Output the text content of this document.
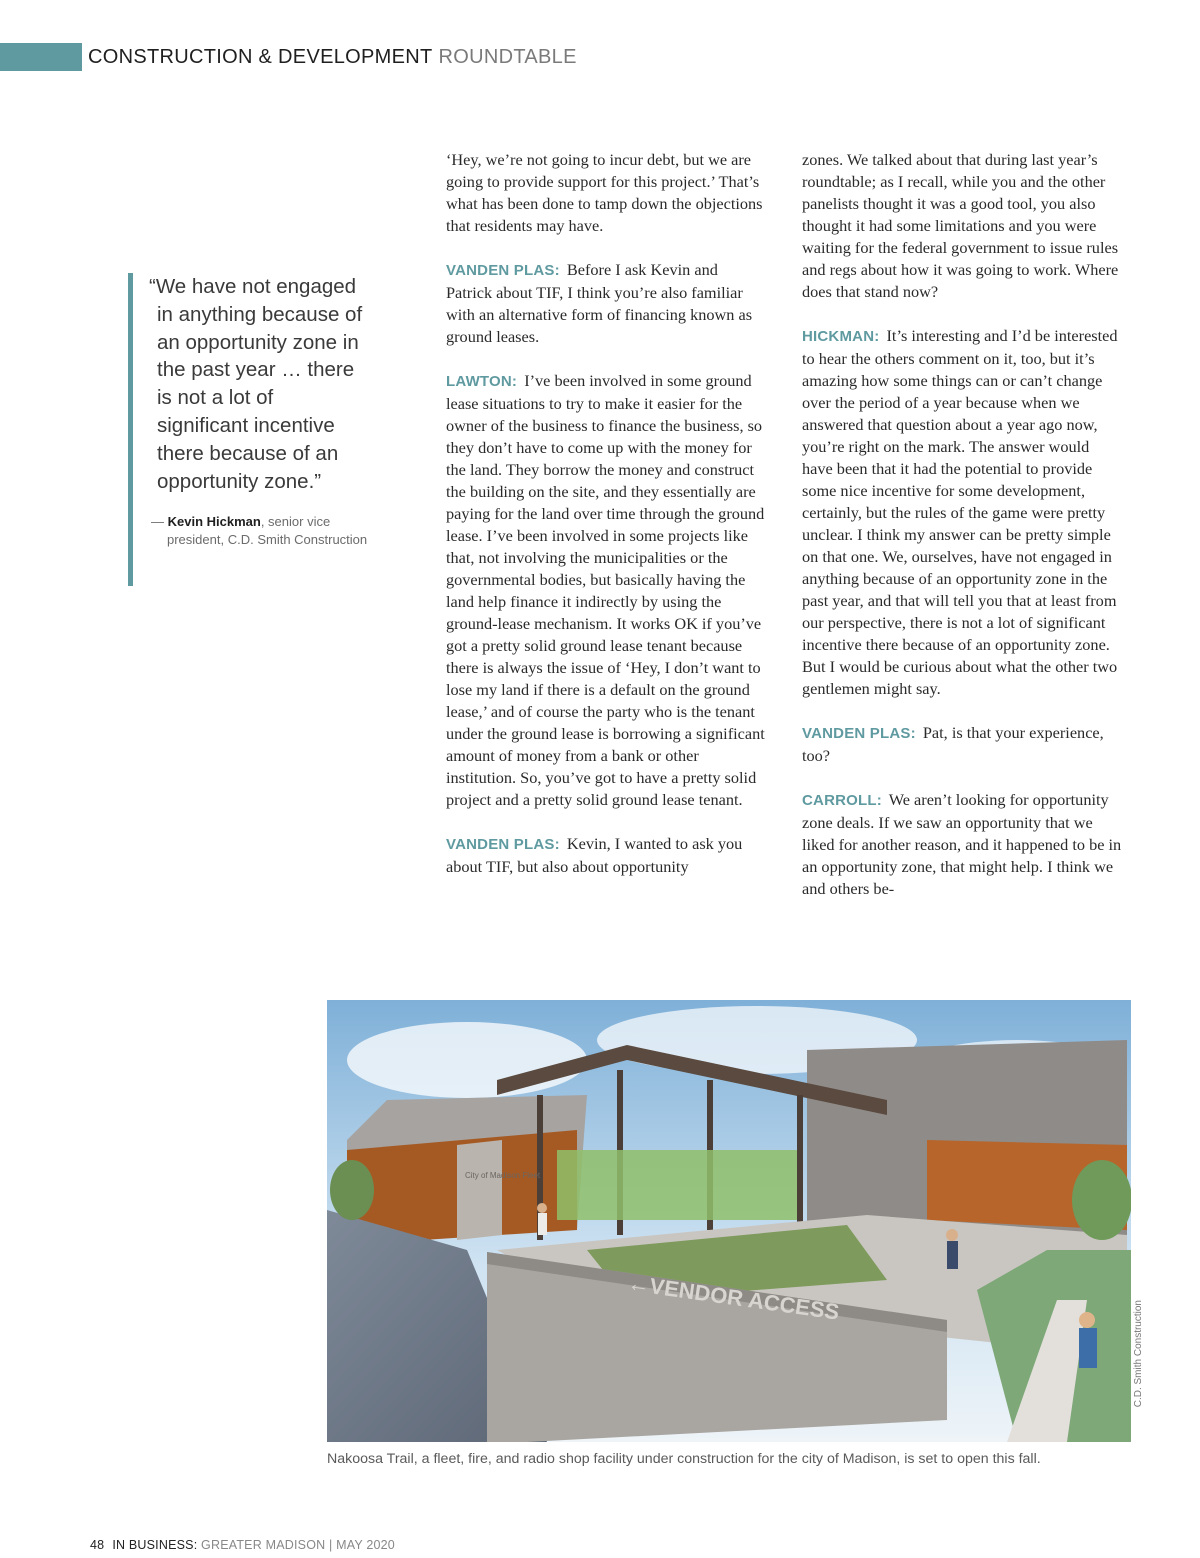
CONSTRUCTION & DEVELOPMENT ROUNDTABLE

“We have not engaged in anything because of an opportunity zone in the past year … there is not a lot of significant incentive there because of an opportunity zone.”

— Kevin Hickman, senior vice president, C.D. Smith Construction

‘Hey, we’re not going to incur debt, but we are going to provide support for this project.’ That’s what has been done to tamp down the objections that residents may have.

VANDEN PLAS: Before I ask Kevin and Patrick about TIF, I think you’re also familiar with an alternative form of financing known as ground leases.

LAWTON: I’ve been involved in some ground lease situations to try to make it easier for the owner of the business to finance the business, so they don’t have to come up with the money for the land. They borrow the money and construct the building on the site, and they essentially are paying for the land over time through the ground lease. I’ve been involved in some projects like that, not involving the municipalities or the governmental bodies, but basically having the land help finance it indirectly by using the ground-lease mechanism. It works OK if you’ve got a pretty solid ground lease tenant because there is always the issue of ‘Hey, I don’t want to lose my land if there is a default on the ground lease,’ and of course the party who is the tenant under the ground lease is borrowing a significant amount of money from a bank or other institution. So, you’ve got to have a pretty solid project and a pretty solid ground lease tenant.

VANDEN PLAS: Kevin, I wanted to ask you about TIF, but also about opportunity

zones. We talked about that during last year’s roundtable; as I recall, while you and the other panelists thought it was a good tool, you also thought it had some limitations and you were waiting for the federal government to issue rules and regs about how it was going to work. Where does that stand now?

HICKMAN: It’s interesting and I’d be interested to hear the others comment on it, too, but it’s amazing how some things can or can’t change over the period of a year because when we answered that question about a year ago now, you’re right on the mark. The answer would have been that it had the potential to provide some nice incentive for some development, certainly, but the rules of the game were pretty unclear. I think my answer can be pretty simple on that one. We, ourselves, have not engaged in anything because of an opportunity zone in the past year, and that will tell you that at least from our perspective, there is not a lot of significant incentive there because of an opportunity zone. But I would be curious about what the other two gentlemen might say.

VANDEN PLAS: Pat, is that your experience, too?

CARROLL: We aren’t looking for opportunity zone deals. If we saw an opportunity that we liked for another reason, and it happened to be in an opportunity zone, that might help. I think we and others be-

City of Madison Fleet
←VENDOR ACCESS
C.D. Smith Construction
Nakoosa Trail, a fleet, fire, and radio shop facility under construction for the city of Madison, is set to open this fall.
48 IN BUSINESS: GREATER MADISON | MAY 2020
